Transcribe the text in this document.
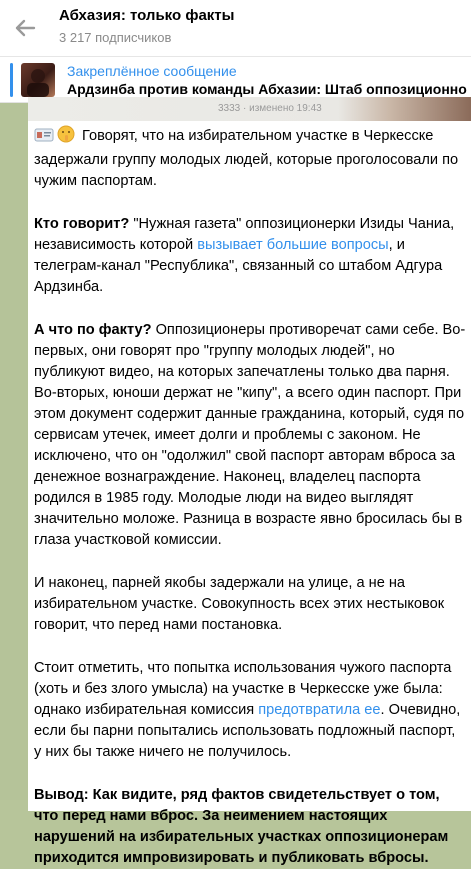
Абхазия: только факты
3 217 подписчиков
Закреплённое сообщение
Ардзинба против команды Абхазии: Штаб оппозиционно
3333 · изменено 19:43

Говорят, что на избирательном участке в Черкесске задержали группу молодых людей, которые проголосовали по чужим паспортам.

Кто говорит? "Нужная газета" оппозиционерки Изиды Чаниа, независимость которой вызывает большие вопросы, и телеграм-канал "Республика", связанный со штабом Адгура Ардзинба.

А что по факту? Оппозиционеры противоречат сами себе. Во-первых, они говорят про "группу молодых людей", но публикуют видео, на которых запечатлены только два парня. Во-вторых, юноши держат не "кипу", а всего один паспорт. При этом документ содержит данные гражданина, который, судя по сервисам утечек, имеет долги и проблемы с законом. Не исключено, что он "одолжил" свой паспорт авторам вброса за денежное вознаграждение. Наконец, владелец паспорта родился в 1985 году. Молодые люди на видео выглядят значительно моложе. Разница в возрасте явно бросилась бы в глаза участковой комиссии.

И наконец, парней якобы задержали на улице, а не на избирательном участке. Совокупность всех этих нестыковок говорит, что перед нами постановка.

Стоит отметить, что попытка использования чужого паспорта (хоть и без злого умысла) на участке в Черкесске уже была: однако избирательная комиссия предотвратила ее. Очевидно, если бы парни попытались использовать подложный паспорт, у них бы также ничего не получилось.

Вывод: Как видите, ряд фактов свидетельствует о том, что перед нами вброс. За неимением настоящих нарушений на избирательных участках оппозиционерам приходится импровизировать и публиковать вбросы.
